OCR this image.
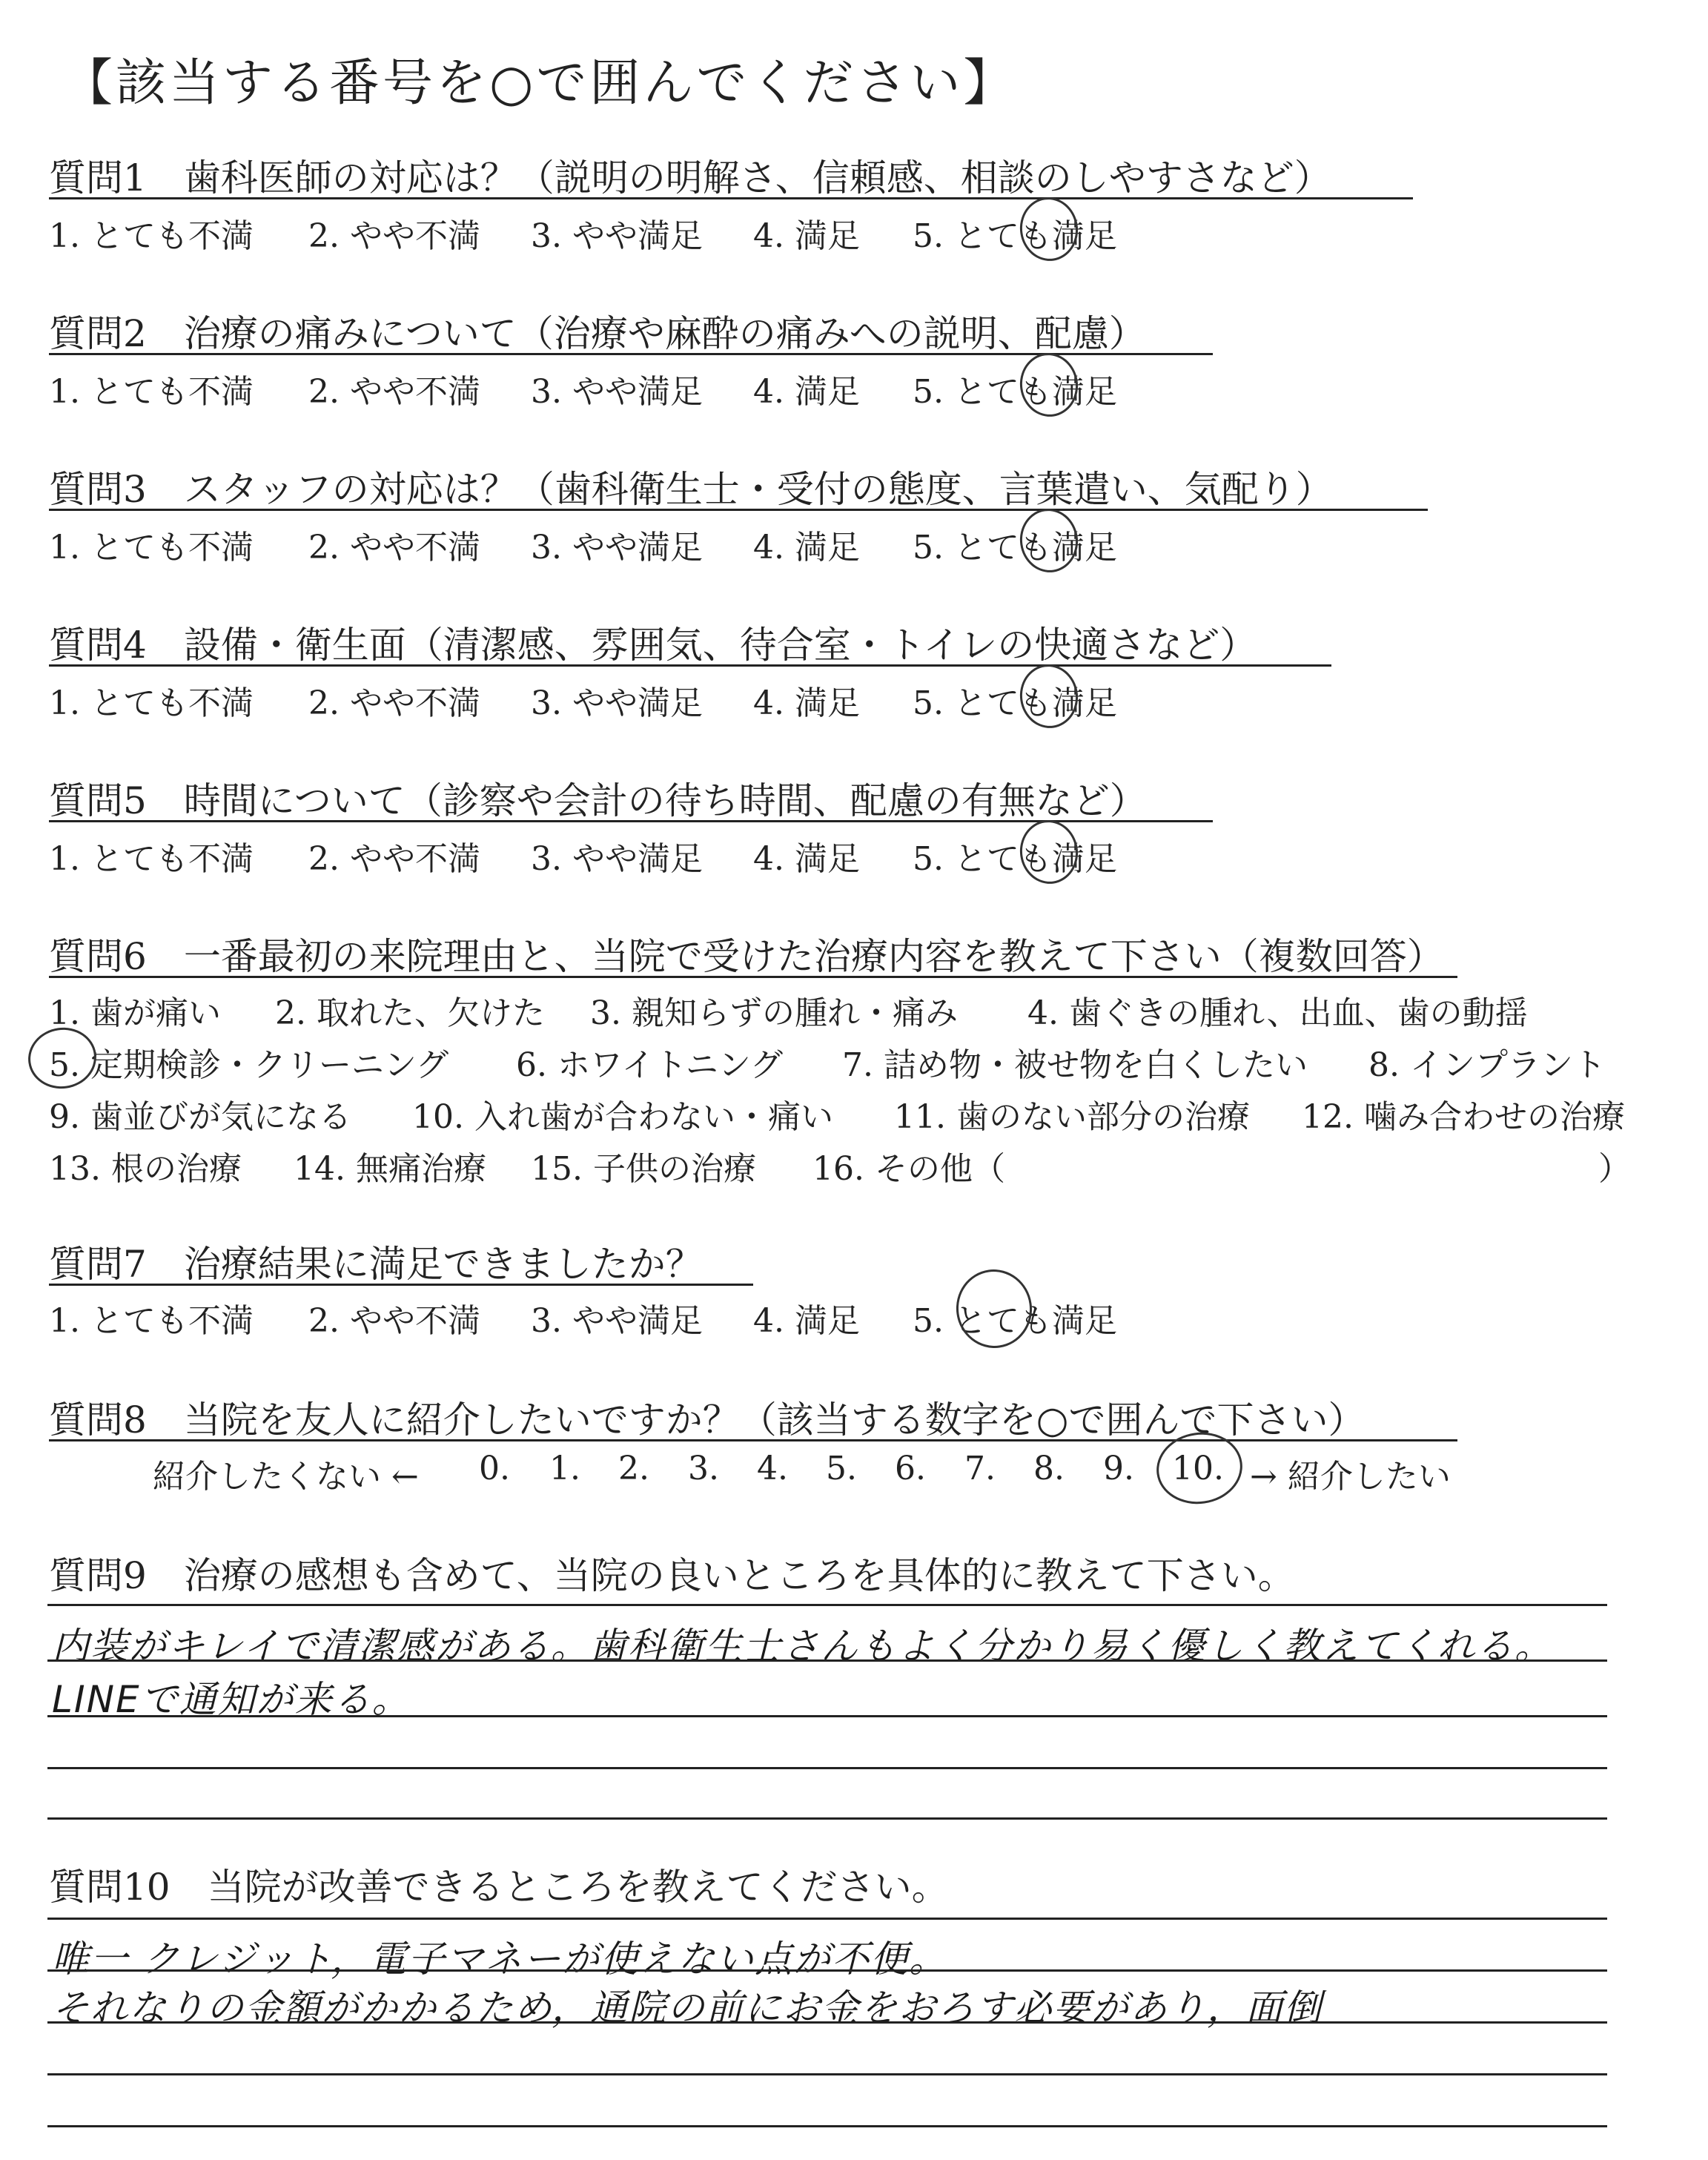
【該当する番号を○で囲んでください】
質問1 歯科医師の対応は？（説明の明解さ、信頼感、相談のしやすさなど）
1. とても不満 2. やや不満 3. やや満足 4. 満足 5. とても満足
質問2 治療の痛みについて（治療や麻酔の痛みへの説明、配慮）
1. とても不満 2. やや不満 3. やや満足 4. 満足 5. とても満足
質問3 スタッフの対応は？（歯科衛生士・受付の態度、言葉遣い、気配り）
1. とても不満 2. やや不満 3. やや満足 4. 満足 5. とても満足
質問4 設備・衛生面（清潔感、雰囲気、待合室・トイレの快適さなど）
1. とても不満 2. やや不満 3. やや満足 4. 満足 5. とても満足
質問5 時間について（診察や会計の待ち時間、配慮の有無など）
1. とても不満 2. やや不満 3. やや満足 4. 満足 5. とても満足
質問6 一番最初の来院理由と、当院で受けた治療内容を教えて下さい（複数回答）
1. 歯が痛い 2. 取れた、欠けた 3. 親知らずの腫れ・痛み 4. 歯ぐきの腫れ、出血、歯の動揺
5. 定期検診・クリーニング 6. ホワイトニング 7. 詰め物・被せ物を白くしたい 8. インプラント
9. 歯並びが気になる 10. 入れ歯が合わない・痛い 11. 歯のない部分の治療 12. 噛み合わせの治療
13. 根の治療 14. 無痛治療 15. 子供の治療 16. その他（	）
質問7 治療結果に満足できましたか？
1. とても不満 2. やや不満 3. やや満足 4. 満足 5. とても満足
質問8 当院を友人に紹介したいですか？（該当する数字を○で囲んで下さい）
紹介したくない ← 0. 1. 2. 3. 4. 5. 6. 7. 8. 9. 10. → 紹介したい
質問9 治療の感想も含めて、当院の良いところを具体的に教えて下さい。
内装がキレイで清潔感がある。歯科衛生士さんもよく分かり易く優しく教えてくれる。
LINEで通知が来る。
質問10 当院が改善できるところを教えてください。
唯一 クレジット，電子マネーが使えない点が不便。
それなりの金額がかかるため，通院の前にお金をおろす必要があり，面倒
